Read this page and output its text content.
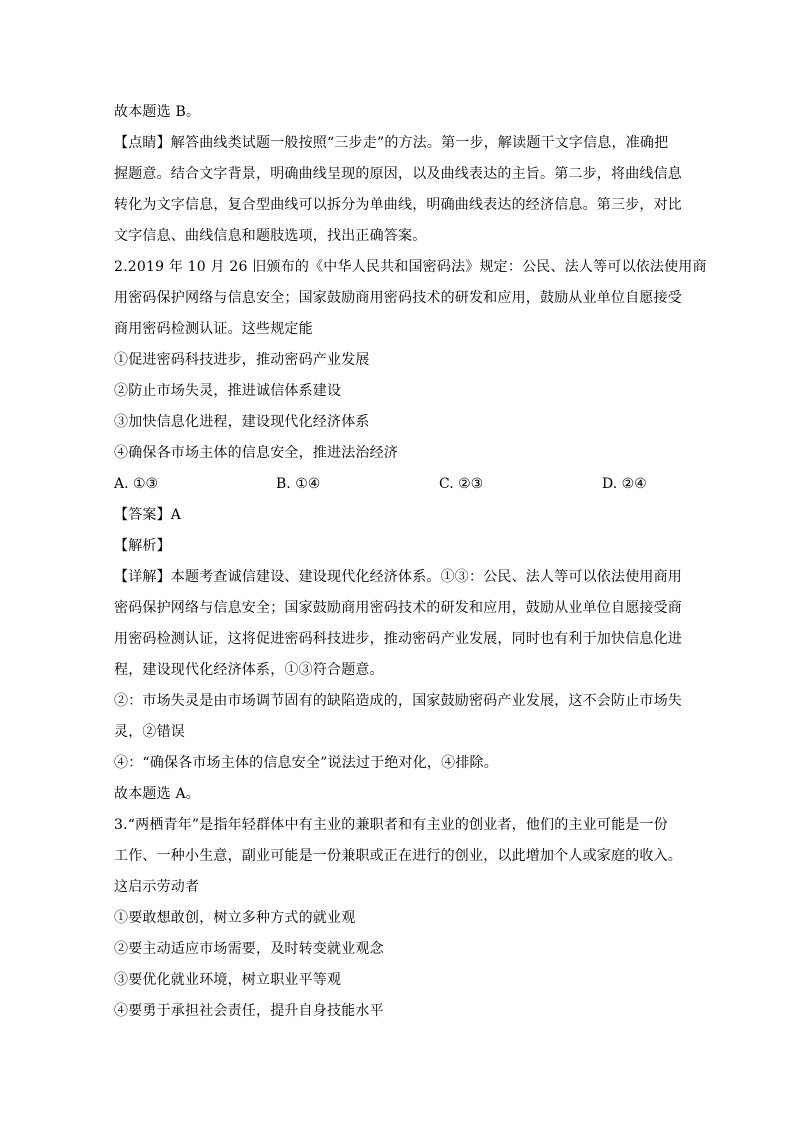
故本题选 B。
【点睛】解答曲线类试题一般按照“三步走”的方法。第一步，解读题干文字信息，准确把
握题意。结合文字背景，明确曲线呈现的原因，以及曲线表达的主旨。第二步，将曲线信息
转化为文字信息，复合型曲线可以拆分为单曲线，明确曲线表达的经济信息。第三步，对比
文字信息、曲线信息和题肢选项，找出正确答案。
2.2019 年 10 月 26 旧颁布的《中华人民共和国密码法》规定：公民、法人等可以依法使用商
用密码保护网络与信息安全；国家鼓励商用密码技术的研发和应用，鼓励从业单位自愿接受
商用密码检测认证。这些规定能
①促进密码科技进步，推动密码产业发展
②防止市场失灵，推进诚信体系建设
③加快信息化进程，建设现代化经济体系
④确保各市场主体的信息安全，推进法治经济
A. ①③	B. ①④	C. ②③	D. ②④
【答案】A
【解析】
【详解】本题考查诚信建设、建设现代化经济体系。①③：公民、法人等可以依法使用商用
密码保护网络与信息安全；国家鼓励商用密码技术的研发和应用，鼓励从业单位自愿接受商
用密码检测认证，这将促进密码科技进步，推动密码产业发展，同时也有利于加快信息化进
程，建设现代化经济体系，①③符合题意。
②：市场失灵是由市场调节固有的缺陷造成的，国家鼓励密码产业发展，这不会防止市场失
灵，②错误
④：“确保各市场主体的信息安全”说法过于绝对化，④排除。
故本题选 A。
3.“两栖青年”是指年轻群体中有主业的兼职者和有主业的创业者，他们的主业可能是一份
工作、一种小生意，副业可能是一份兼职或正在进行的创业，以此增加个人或家庭的收入。
这启示劳动者
①要敢想敢创，树立多种方式的就业观
②要主动适应市场需要，及时转变就业观念
③要优化就业环境，树立职业平等观
④要勇于承担社会责任，提升自身技能水平
